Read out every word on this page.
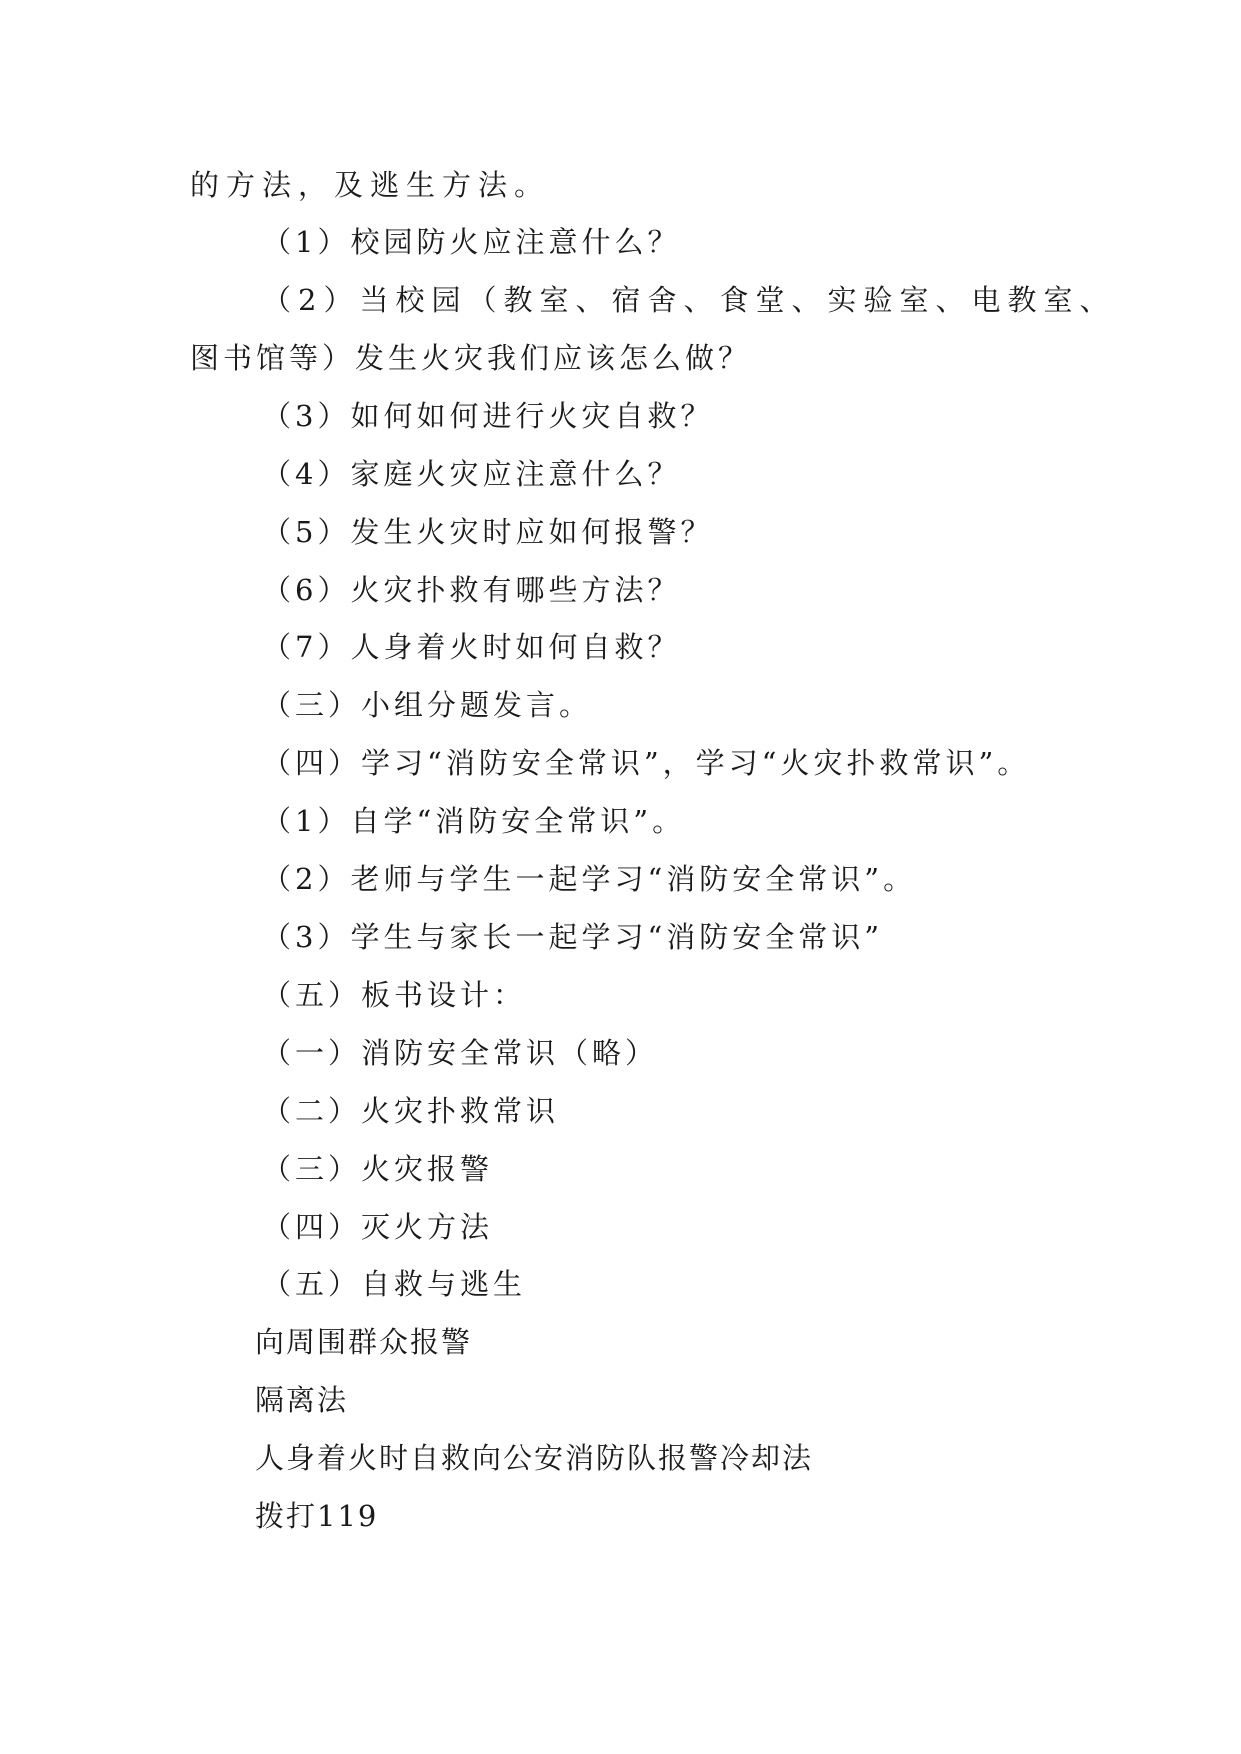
的方法，及逃生方法。
（1）校园防火应注意什么？
（2）当校园（教室、宿舍、食堂、实验室、电教室、
图书馆等）发生火灾我们应该怎么做？
（3）如何如何进行火灾自救？
（4）家庭火灾应注意什么？
（5）发生火灾时应如何报警？
（6）火灾扑救有哪些方法？
（7）人身着火时如何自救？
（三）小组分题发言。
（四）学习“消防安全常识”，学习“火灾扑救常识”。
（1）自学“消防安全常识”。
（2）老师与学生一起学习“消防安全常识”。
（3）学生与家长一起学习“消防安全常识”
（五）板书设计：
（一）消防安全常识（略）
（二）火灾扑救常识
（三）火灾报警
（四）灭火方法
（五）自救与逃生
向周围群众报警
隔离法
人身着火时自救向公安消防队报警冷却法
拨打119
